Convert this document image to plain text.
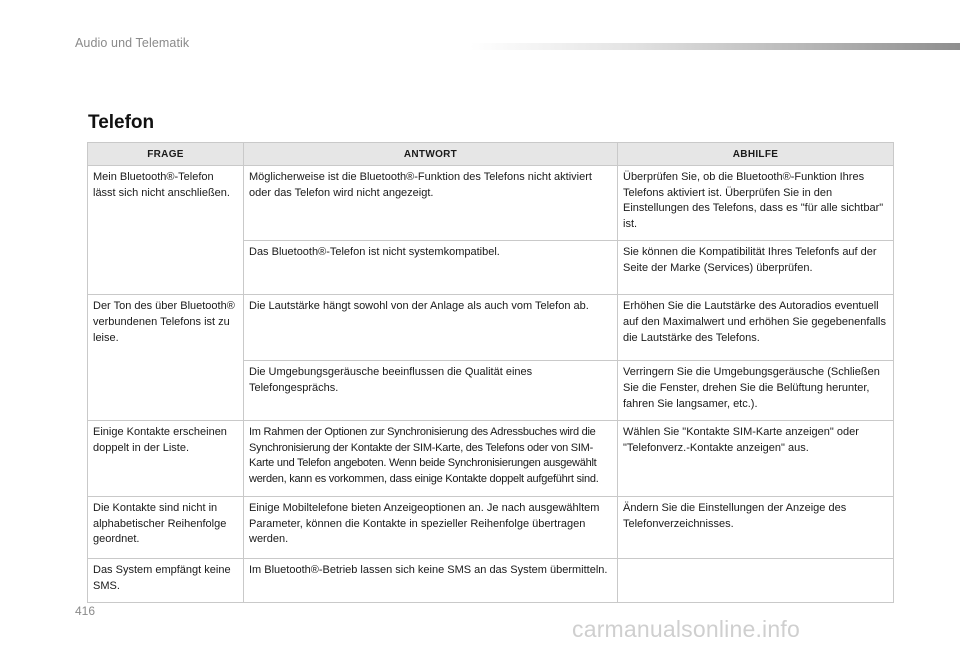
Audio und Telematik
Telefon
FRAGE	ANTWORT	ABHILFE
Mein Bluetooth®-Telefon lässt sich nicht anschließen.	Möglicherweise ist die Bluetooth®-Funktion des Telefons nicht aktiviert oder das Telefon wird nicht angezeigt.	Überprüfen Sie, ob die Bluetooth®-Funktion Ihres Telefons aktiviert ist. Überprüfen Sie in den Einstellungen des Telefons, dass es "für alle sichtbar" ist.
	Das Bluetooth®-Telefon ist nicht systemkompatibel.	Sie können die Kompatibilität Ihres Telefonfs auf der Seite der Marke (Services) überprüfen.
Der Ton des über Bluetooth® verbundenen Telefons ist zu leise.	Die Lautstärke hängt sowohl von der Anlage als auch vom Telefon ab.	Erhöhen Sie die Lautstärke des Autoradios eventuell auf den Maximalwert und erhöhen Sie gegebenenfalls die Lautstärke des Telefons.
	Die Umgebungsgeräusche beeinflussen die Qualität eines Telefongesprächs.	Verringern Sie die Umgebungsgeräusche (Schließen Sie die Fenster, drehen Sie die Belüftung herunter, fahren Sie langsamer, etc.).
Einige Kontakte erscheinen doppelt in der Liste.	Im Rahmen der Optionen zur Synchronisierung des Adressbuches wird die Synchronisierung der Kontakte der SIM-Karte, des Telefons oder von SIM-Karte und Telefon angeboten. Wenn beide Synchronisierungen ausgewählt werden, kann es vorkommen, dass einige Kontakte doppelt aufgeführt sind.	Wählen Sie "Kontakte SIM-Karte anzeigen" oder "Telefonverz.-Kontakte anzeigen" aus.
Die Kontakte sind nicht in alphabetischer Reihenfolge geordnet.	Einige Mobiltelefone bieten Anzeigeoptionen an. Je nach ausgewähltem Parameter, können die Kontakte in spezieller Reihenfolge übertragen werden.	Ändern Sie die Einstellungen der Anzeige des Telefonverzeichnisses.
Das System empfängt keine SMS.	Im Bluetooth®-Betrieb lassen sich keine SMS an das System übermitteln.	
416
carmanualsonline.info
